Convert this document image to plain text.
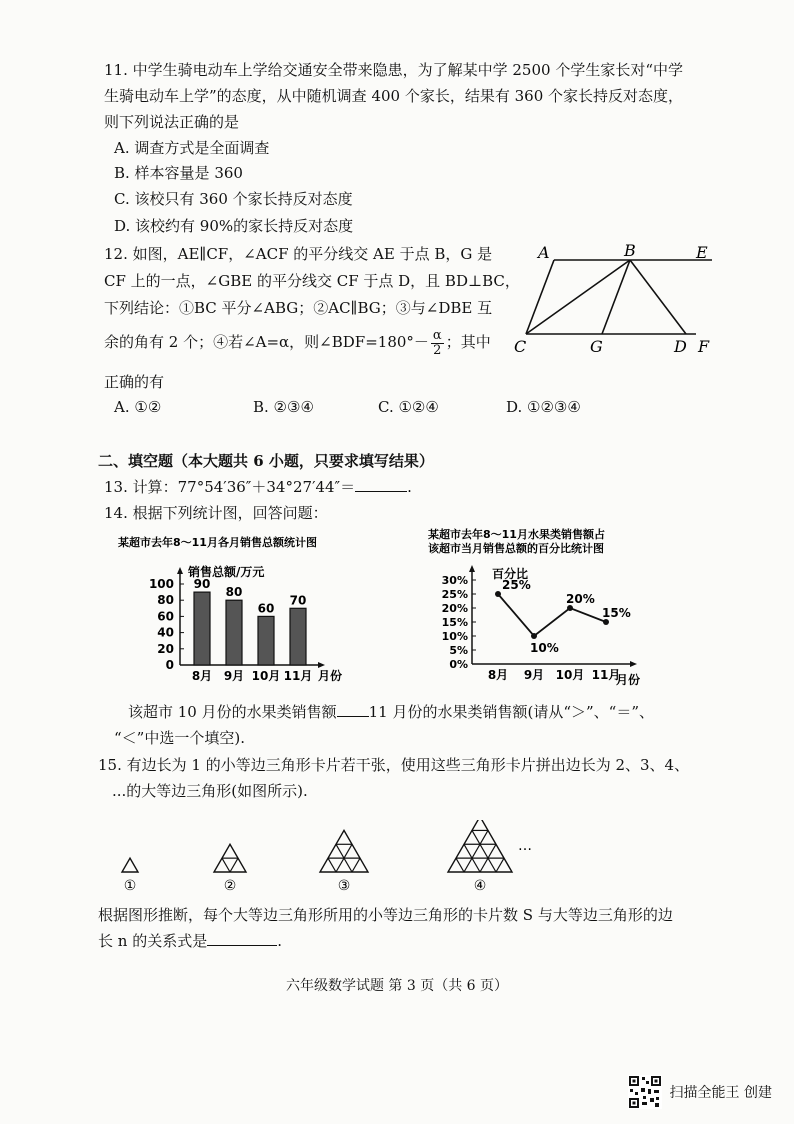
11. 中学生骑电动车上学给交通安全带来隐患，为了解某中学 2500 个学生家长对“中学
生骑电动车上学”的态度，从中随机调查 400 个家长，结果有 360 个家长持反对态度，
则下列说法正确的是
A. 调查方式是全面调查
B. 样本容量是 360
C. 该校只有 360 个家长持反对态度
D. 该校约有 90%的家长持反对态度
12. 如图，AE∥CF，∠ACF 的平分线交 AE 于点 B，G 是
CF 上的一点，∠GBE 的平分线交 CF 于点 D，且 BD⊥BC，
下列结论：①BC 平分∠ABG；②AC∥BG；③与∠DBE 互
余的角有 2 个；④若∠A=α，则∠BDF=180°－ $\frac{\alpha}{2}$ ；其中
正确的有
A. ①②	B. ②③④	C. ①②④	D. ①②③④
A	B	E
C	G	D F
二、填空题（本大题共 6 小题，只要求填写结果）
13. 计算：77°54′36″＋34°27′44″＝	.
14. 根据下列统计图，回答问题：
某超市去年8～11月各月销售总额统计图
销售总额/万元
月份
0
20
40
60
80
100 90
8月
80
9月
60
10月
70
11月
某超市去年8～11月水果类销售额占
该超市当月销售总额的百分比统计图
百分比
月份
0%
5%
10%
15%
20%
25%
30%	25%
8月
10%
9月
20%
10月
15%
11月
该超市 10 月份的水果类销售额 11 月份的水果类销售额(请从“＞”、“＝”、
“＜”中选一个填空).
15. 有边长为 1 的小等边三角形卡片若干张，使用这些三角形卡片拼出边长为 2、3、4、
...的大等边三角形(如图所示).
①	②	③	④
…
根据图形推断，每个大等边三角形所用的小等边三角形的卡片数 S 与大等边三角形的边
长 n 的关系式是	.
六年级数学试题 第 3 页（共 6 页）
扫描全能王 创建
